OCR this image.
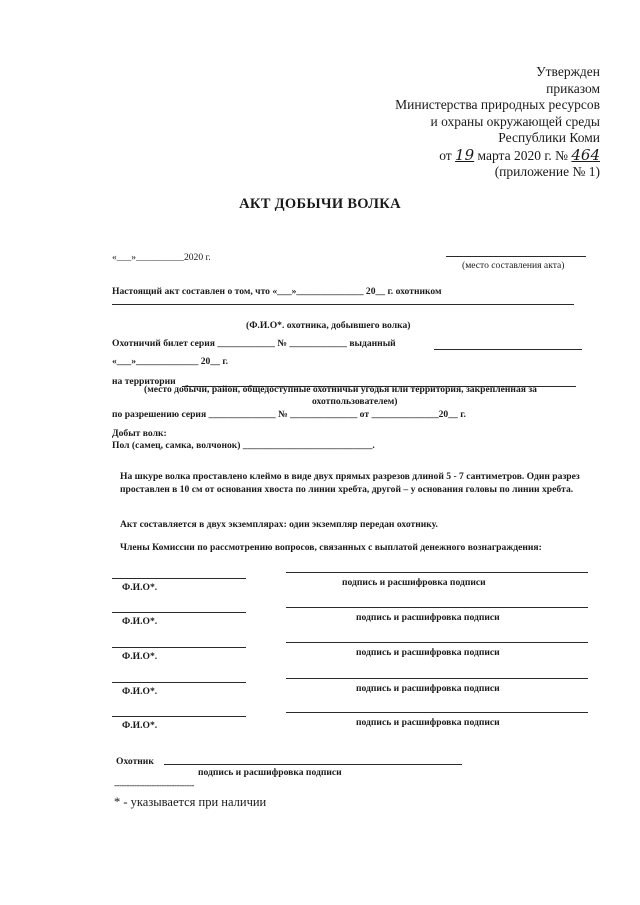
Утвержден
приказом
Министерства природных ресурсов
и охраны окружающей среды
Республики Коми
от 19 марта 2020 г. № 464
(приложение № 1)
АКТ ДОБЫЧИ ВОЛКА
«___»__________2020 г.
(место составления акта)
Настоящий акт составлен о том, что «___»______________ 20__ г. охотником
(Ф.И.О*. охотника, добывшего волка)
Охотничий билет серия ____________ № ____________ выданный
«___»_____________ 20__ г.
на территории
(место добычи, район, общедоступные охотничьи угодья или территория, закрепленная за
охотпользователем)
по разрешению серия ______________ № ______________ от ______________20__ г.
Добыт волк:
Пол (самец, самка, волчонок) ___________________________.
На шкуре волка проставлено клеймо в виде двух прямых разрезов длиной 5 - 7 сантиметров. Один разрез проставлен в 10 см от основания хвоста по линии хребта, другой – у основания головы по линии хребта.
Акт составляется в двух экземплярах: один экземпляр передан охотнику.
Члены Комиссии по рассмотрению вопросов, связанных с выплатой денежного вознаграждения:
Ф.И.О*.	подпись и расшифровка подписи
Ф.И.О*.	подпись и расшифровка подписи
Ф.И.О*.	подпись и расшифровка подписи
Ф.И.О*.	подпись и расшифровка подписи
Ф.И.О*.	подпись и расшифровка подписи
Охотник
подпись и расшифровка подписи
--------------------------------
* - указывается при наличии
